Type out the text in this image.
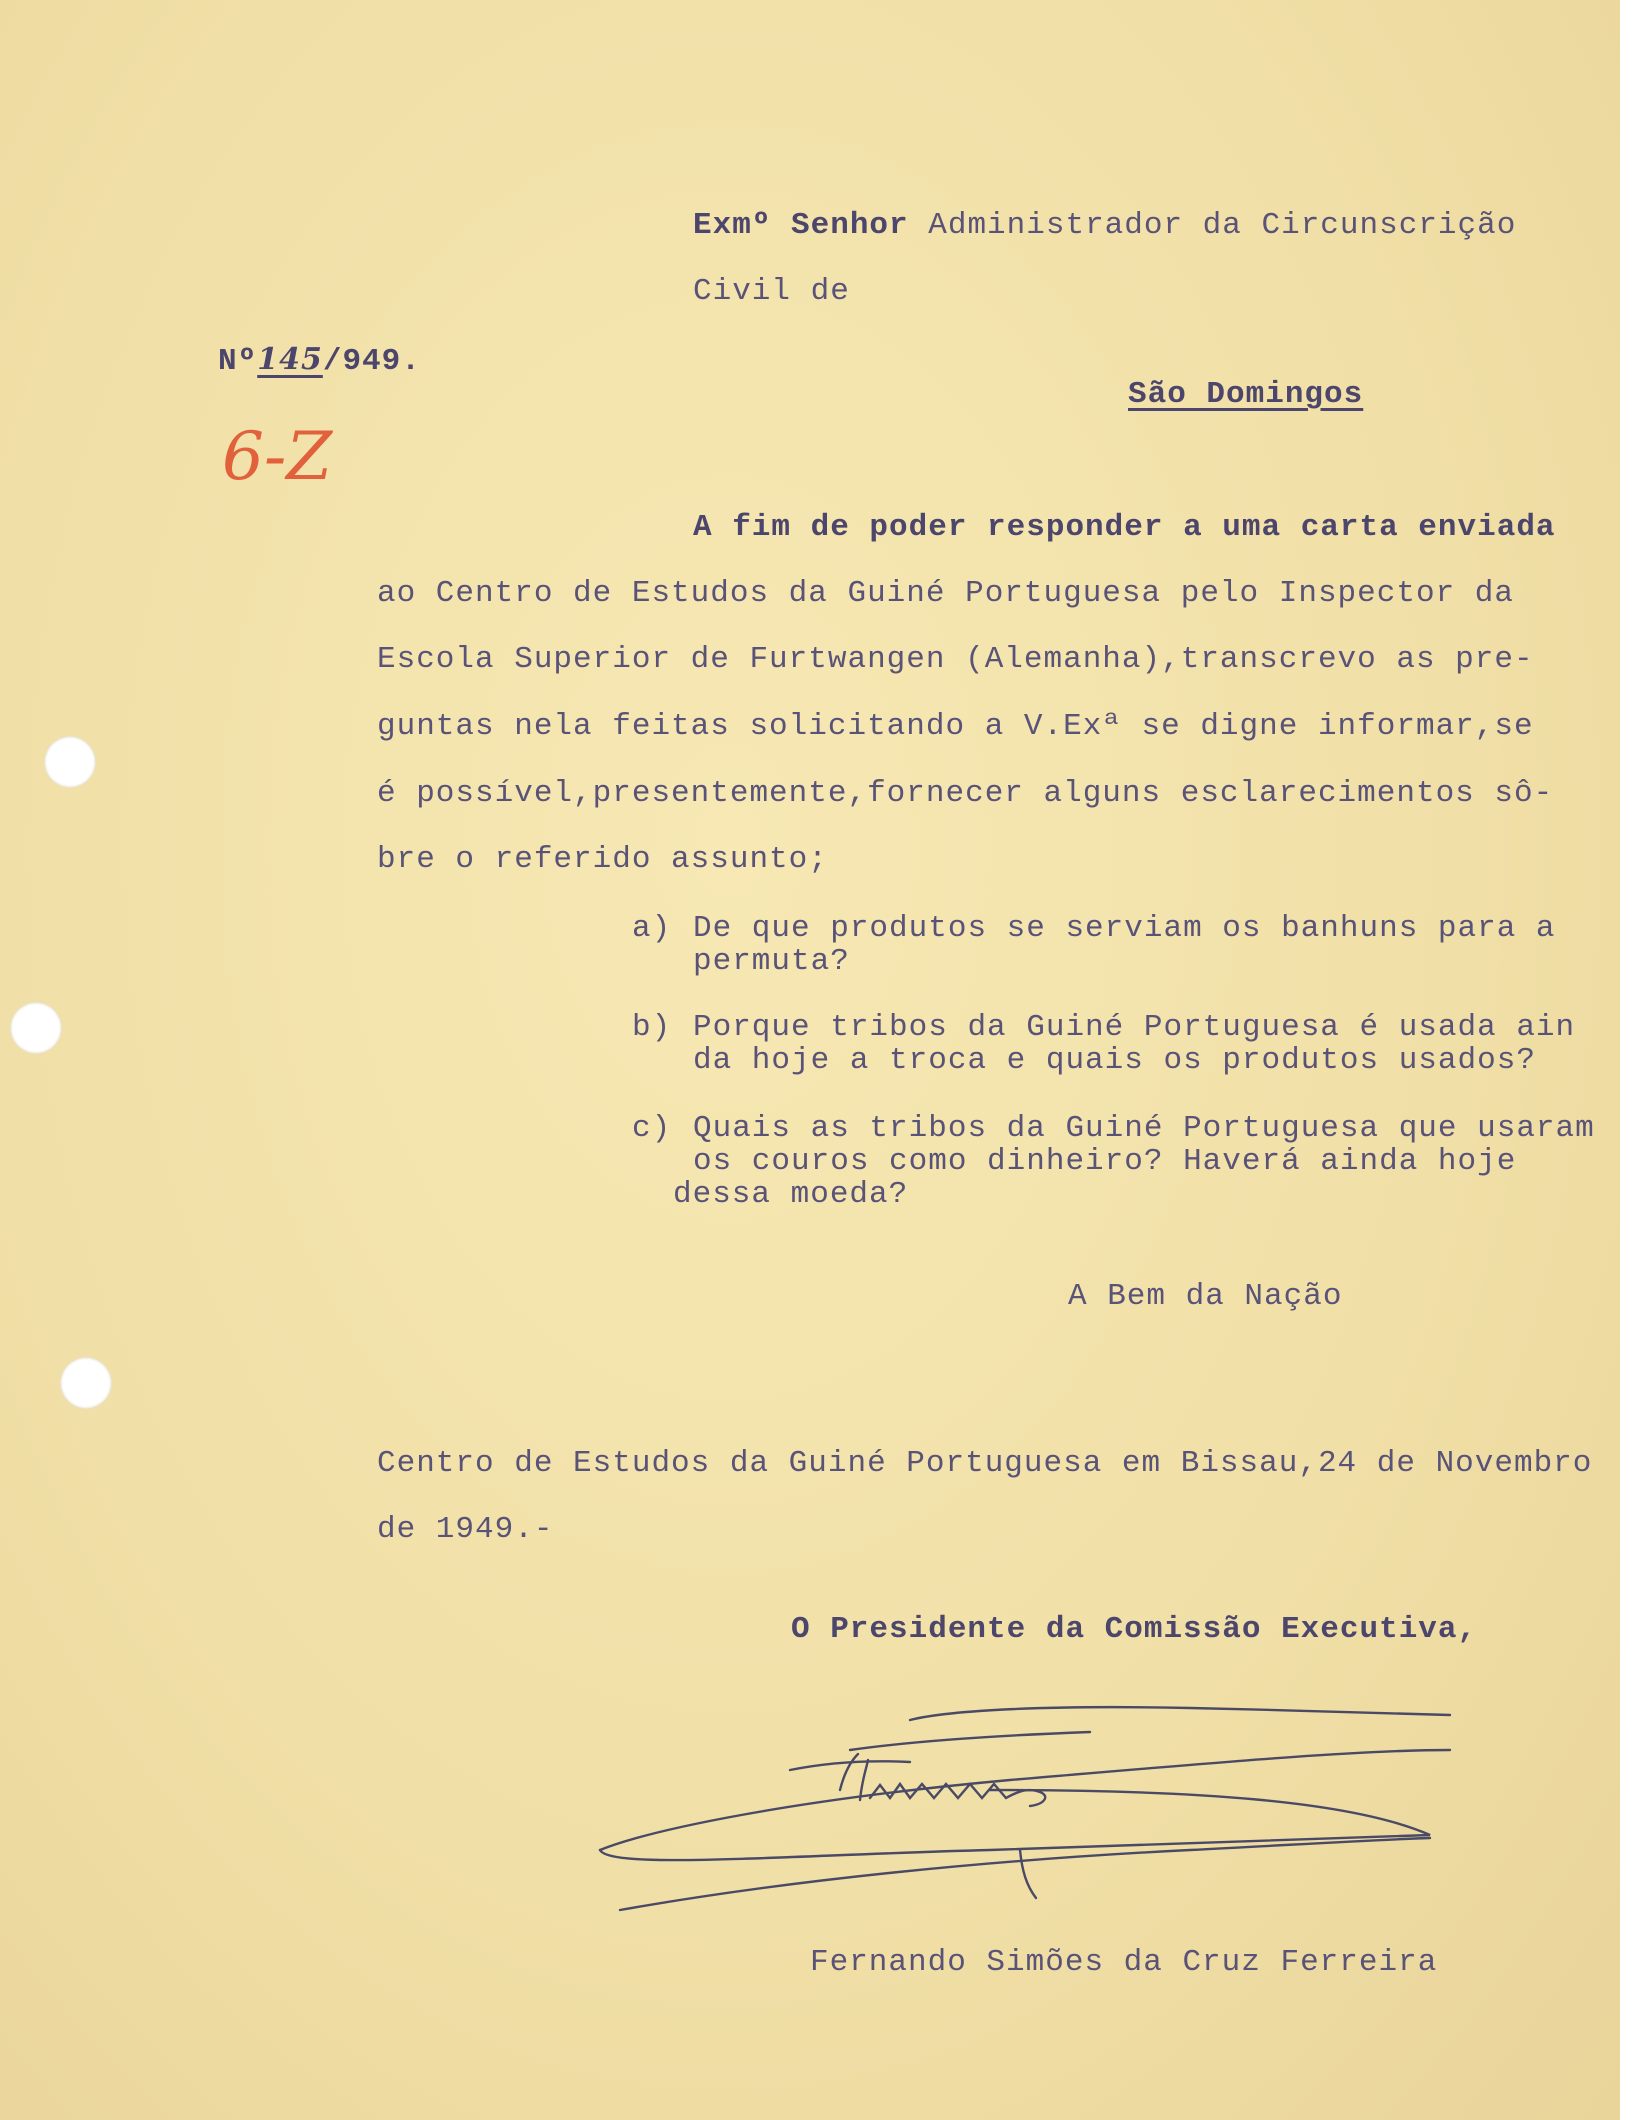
Exmº Senhor Administrador da Circunscrição
Civil de
São Domingos
Nº145/949.
6-Z
A fim de poder responder a uma carta enviada
ao Centro de Estudos da Guiné Portuguesa pelo Inspector da
Escola Superior de Furtwangen (Alemanha),transcrevo as pre-
guntas nela feitas solicitando a V.Exª se digne informar,se
é possível,presentemente,fornecer alguns esclarecimentos sô-
bre o referido assunto;
a) De que produtos se serviam os banhuns para a
permuta?
b) Porque tribos da Guiné Portuguesa é usada ain
da hoje a troca e quais os produtos usados?
c) Quais as tribos da Guiné Portuguesa que usaram
os couros como dinheiro? Haverá ainda hoje
dessa moeda?
A Bem da Nação
Centro de Estudos da Guiné Portuguesa em Bissau,24 de Novembro
de 1949.-
O Presidente da Comissão Executiva,
Fernando Simões da Cruz Ferreira
